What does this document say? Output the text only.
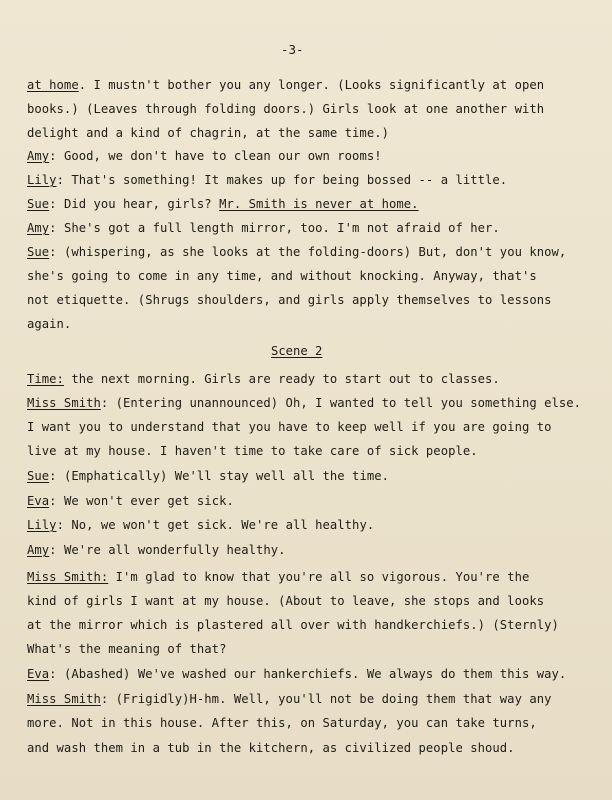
-3-

at home. I mustn't bother you any longer. (Looks significantly at open

books.) (Leaves through folding doors.) Girls look at one another with

delight and a kind of chagrin, at the same time.)

Amy: Good, we don't have to clean our own rooms!

Lily: That's something! It makes up for being bossed -- a little.

Sue: Did you hear, girls? Mr. Smith is never at home.

Amy: She's got a full length mirror, too. I'm not afraid of her.

Sue: (whispering, as she looks at the folding-doors) But, don't you know,

she's going to come in any time, and without knocking. Anyway, that's

not etiquette. (Shrugs shoulders, and girls apply themselves to lessons

again.

Scene 2

Time: the next morning. Girls are ready to start out to classes.

Miss Smith: (Entering unannounced) Oh, I wanted to tell you something else.

I want you to understand that you have to keep well if you are going to

live at my house. I haven't time to take care of sick people.

Sue: (Emphatically) We'll stay well all the time.

Eva: We won't ever get sick.

Lily: No, we won't get sick. We're all healthy.

Amy: We're all wonderfully healthy.

Miss Smith: I'm glad to know that you're all so vigorous. You're the

kind of girls I want at my house. (About to leave, she stops and looks

at the mirror which is plastered all over with handkerchiefs.) (Sternly)

What's the meaning of that?

Eva: (Abashed) We've washed our hankerchiefs. We always do them this way.

Miss Smith: (Frigidly)H-hm. Well, you'll not be doing them that way any

more. Not in this house. After this, on Saturday, you can take turns,

and wash them in a tub in the kitchern, as civilized people shoud.
